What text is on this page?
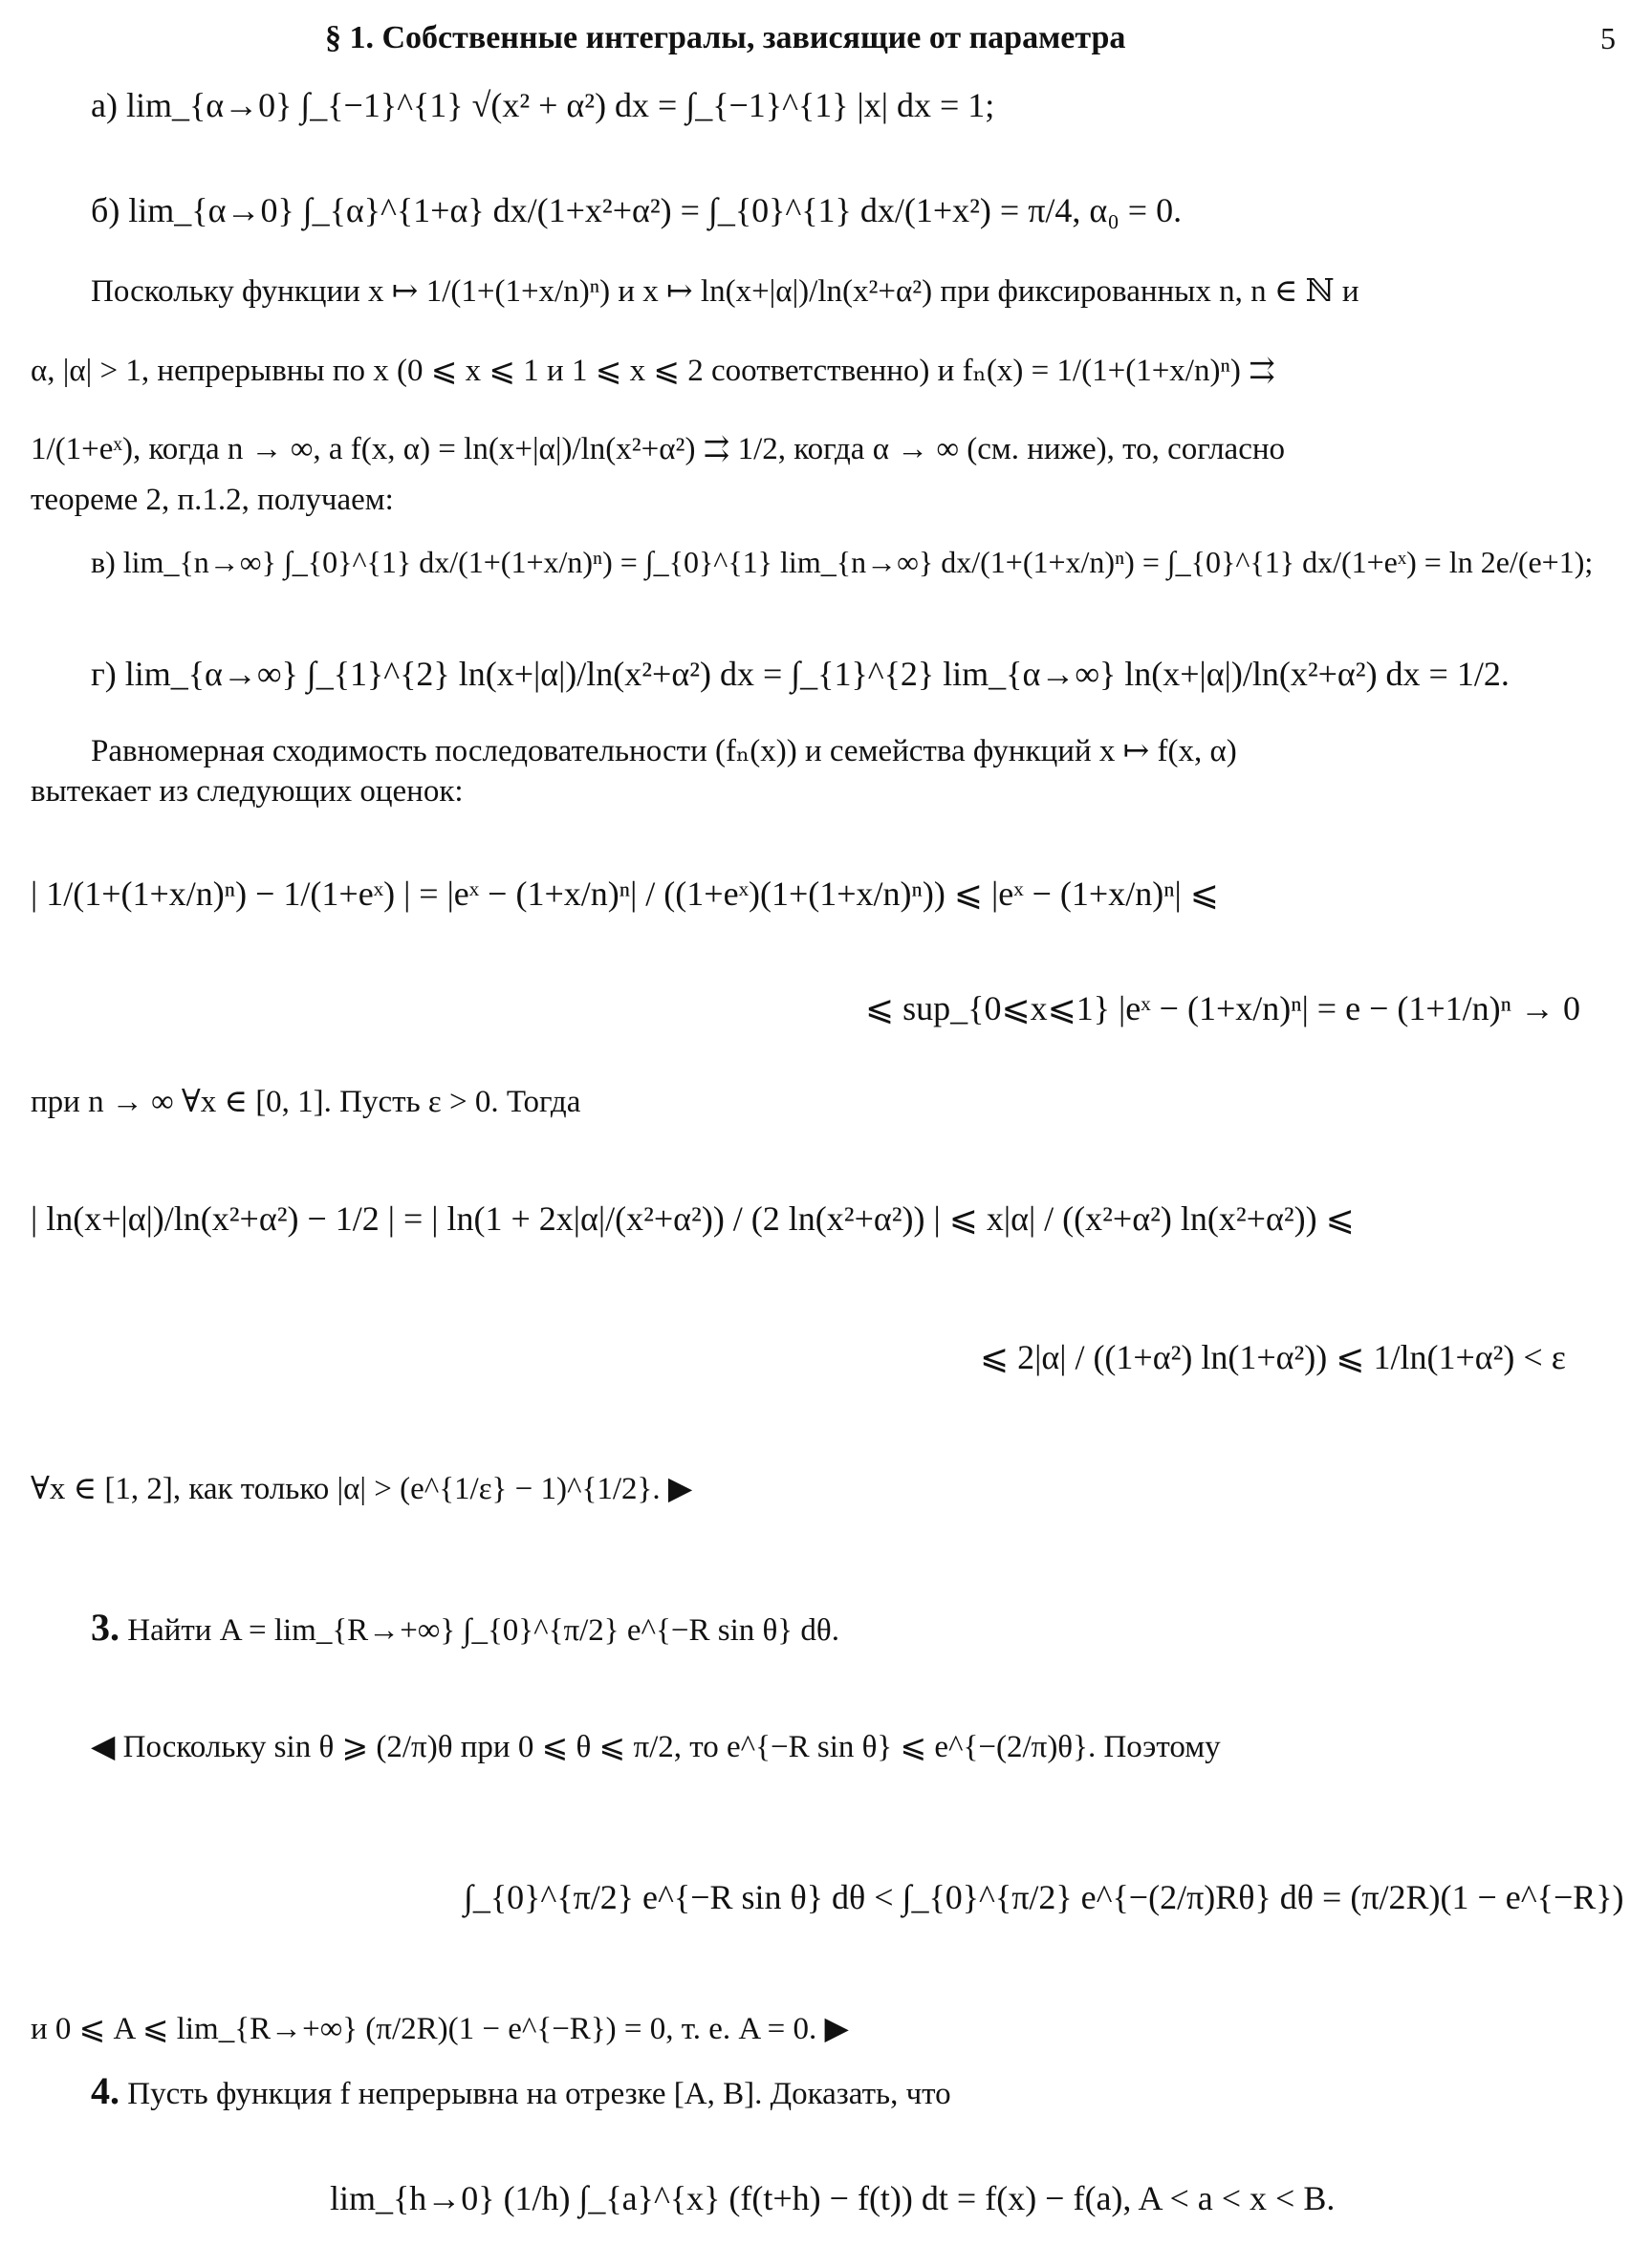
§ 1. Собственные интегралы, зависящие от параметра	5
а) lim_{α→0} ∫_{−1}^{1} √(x² + α²) dx = ∫_{−1}^{1} |x| dx = 1;
б) lim_{α→0} ∫_{α}^{1+α} dx/(1+x²+α²) = ∫_{0}^{1} dx/(1+x²) = π/4, α₀ = 0.
Поскольку функции x ↦ 1/(1+(1+x/n)ⁿ) и x ↦ ln(x+|α|)/ln(x²+α²) при фиксированных n, n ∈ ℕ и
α, |α| > 1, непрерывны по x (0 ⩽ x ⩽ 1 и 1 ⩽ x ⩽ 2 соответственно) и fₙ(x) = 1/(1+(1+x/n)ⁿ) ⇉
1/(1+eˣ), когда n → ∞, а f(x, α) = ln(x+|α|)/ln(x²+α²) ⇉ 1/2, когда α → ∞ (см. ниже), то, согласно
теореме 2, п.1.2, получаем:
в) lim_{n→∞} ∫_{0}^{1} dx/(1+(1+x/n)ⁿ) = ∫_{0}^{1} lim_{n→∞} dx/(1+(1+x/n)ⁿ) = ∫_{0}^{1} dx/(1+eˣ) = ln 2e/(e+1);
г) lim_{α→∞} ∫_{1}^{2} ln(x+|α|)/ln(x²+α²) dx = ∫_{1}^{2} lim_{α→∞} ln(x+|α|)/ln(x²+α²) dx = 1/2.
Равномерная сходимость последовательности (fₙ(x)) и семейства функций x ↦ f(x, α)
вытекает из следующих оценок:
| 1/(1+(1+x/n)ⁿ) − 1/(1+eˣ) | = |eˣ − (1+x/n)ⁿ| / ((1+eˣ)(1+(1+x/n)ⁿ)) ⩽ |eˣ − (1+x/n)ⁿ| ⩽
⩽ sup_{0⩽x⩽1} |eˣ − (1+x/n)ⁿ| = e − (1+1/n)ⁿ → 0
при n → ∞ ∀x ∈ [0, 1]. Пусть ε > 0. Тогда
| ln(x+|α|)/ln(x²+α²) − 1/2 | = | ln(1 + 2x|α|/(x²+α²)) / (2 ln(x²+α²)) | ⩽ x|α| / ((x²+α²) ln(x²+α²)) ⩽
⩽ 2|α| / ((1+α²) ln(1+α²)) ⩽ 1/ln(1+α²) < ε
∀x ∈ [1, 2], как только |α| > (e^{1/ε} − 1)^{1/2}. ▶
3. Найти A = lim_{R→+∞} ∫_{0}^{π/2} e^{−R sin θ} dθ.
◀ Поскольку sin θ ⩾ (2/π)θ при 0 ⩽ θ ⩽ π/2, то e^{−R sin θ} ⩽ e^{−(2/π)θ}. Поэтому
∫_{0}^{π/2} e^{−R sin θ} dθ < ∫_{0}^{π/2} e^{−(2/π)Rθ} dθ = (π/2R)(1 − e^{−R})
и 0 ⩽ A ⩽ lim_{R→+∞} (π/2R)(1 − e^{−R}) = 0, т. е. A = 0. ▶
4. Пусть функция f непрерывна на отрезке [A, B]. Доказать, что
lim_{h→0} (1/h) ∫_{a}^{x} (f(t+h) − f(t)) dt = f(x) − f(a), A < a < x < B.
